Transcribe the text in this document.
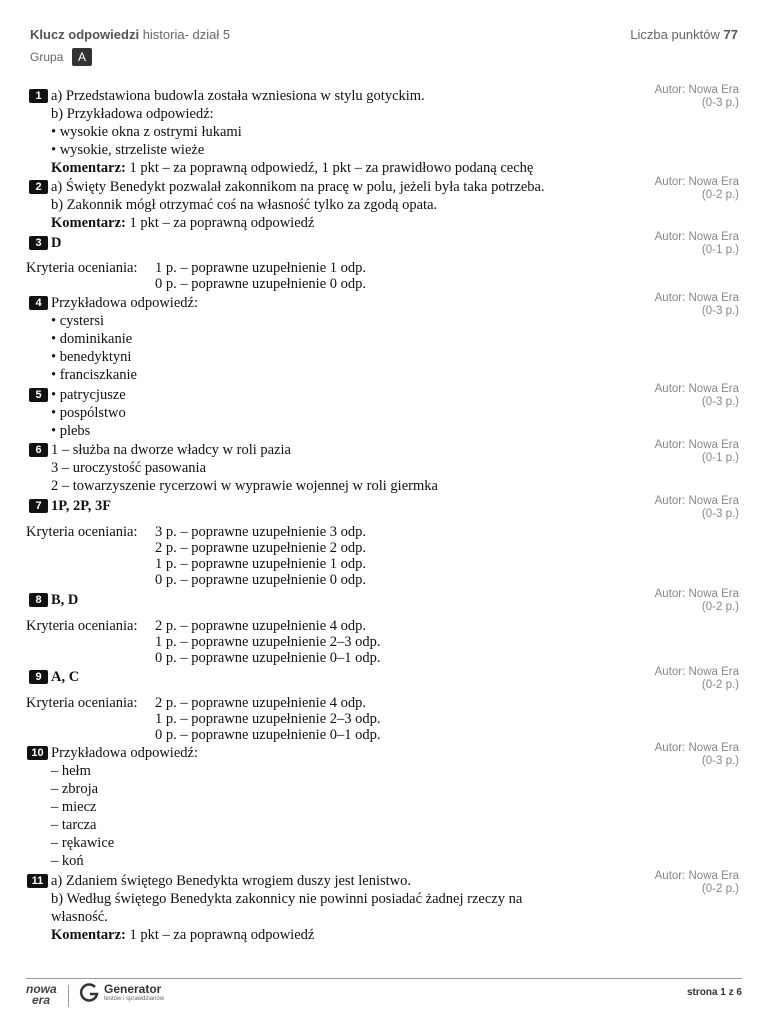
Klucz odpowiedzi historia- dział 5	Liczba punktów 77
Grupa	A
1 a) Przedstawiona budowla została wzniesiona w stylu gotyckim.
b) Przykładowa odpowiedź:
• wysokie okna z ostrymi łukami
• wysokie, strzeliste wieże
Komentarz: 1 pkt – za poprawną odpowiedź, 1 pkt – za prawidłowo podaną cechę
Autor: Nowa Era
(0-3 p.)
2 a) Święty Benedykt pozwalał zakonnikom na pracę w polu, jeżeli była taka potrzeba.
b) Zakonnik mógł otrzymać coś na własność tylko za zgodą opata.
Komentarz: 1 pkt – za poprawną odpowiedź
Autor: Nowa Era
(0-2 p.)
3 D
Kryteria oceniania: 1 p. – poprawne uzupełnienie 1 odp.
0 p. – poprawne uzupełnienie 0 odp.
Autor: Nowa Era
(0-1 p.)
4 Przykładowa odpowiedź:
• cystersi
• dominikanie
• benedyktyni
• franciszkanie
Autor: Nowa Era
(0-3 p.)
5 • patrycjusze
• pospólstwo
• plebs
Autor: Nowa Era
(0-3 p.)
6 1 – służba na dworze władcy w roli pazia
3 – uroczystość pasowania
2 – towarzyszenie rycerzowi w wyprawie wojennej w roli giermka
Autor: Nowa Era
(0-1 p.)
7 1P, 2P, 3F
Kryteria oceniania: 3 p. – poprawne uzupełnienie 3 odp.
2 p. – poprawne uzupełnienie 2 odp.
1 p. – poprawne uzupełnienie 1 odp.
0 p. – poprawne uzupełnienie 0 odp.
Autor: Nowa Era
(0-3 p.)
8 B, D
Kryteria oceniania: 2 p. – poprawne uzupełnienie 4 odp.
1 p. – poprawne uzupełnienie 2–3 odp.
0 p. – poprawne uzupełnienie 0–1 odp.
Autor: Nowa Era
(0-2 p.)
9 A, C
Kryteria oceniania: 2 p. – poprawne uzupełnienie 4 odp.
1 p. – poprawne uzupełnienie 2–3 odp.
0 p. – poprawne uzupełnienie 0–1 odp.
Autor: Nowa Era
(0-2 p.)
10 Przykładowa odpowiedź:
– hełm
– zbroja
– miecz
– tarcza
– rękawice
– koń
Autor: Nowa Era
(0-3 p.)
11 a) Zdaniem świętego Benedykta wrogiem duszy jest lenistwo.
b) Według świętego Benedykta zakonnicy nie powinni posiadać żadnej rzeczy na
własność.
Komentarz: 1 pkt – za poprawną odpowiedź
Autor: Nowa Era
(0-2 p.)
nowa
era
Generator
testów i sprawdzianów
strona 1 z 6
